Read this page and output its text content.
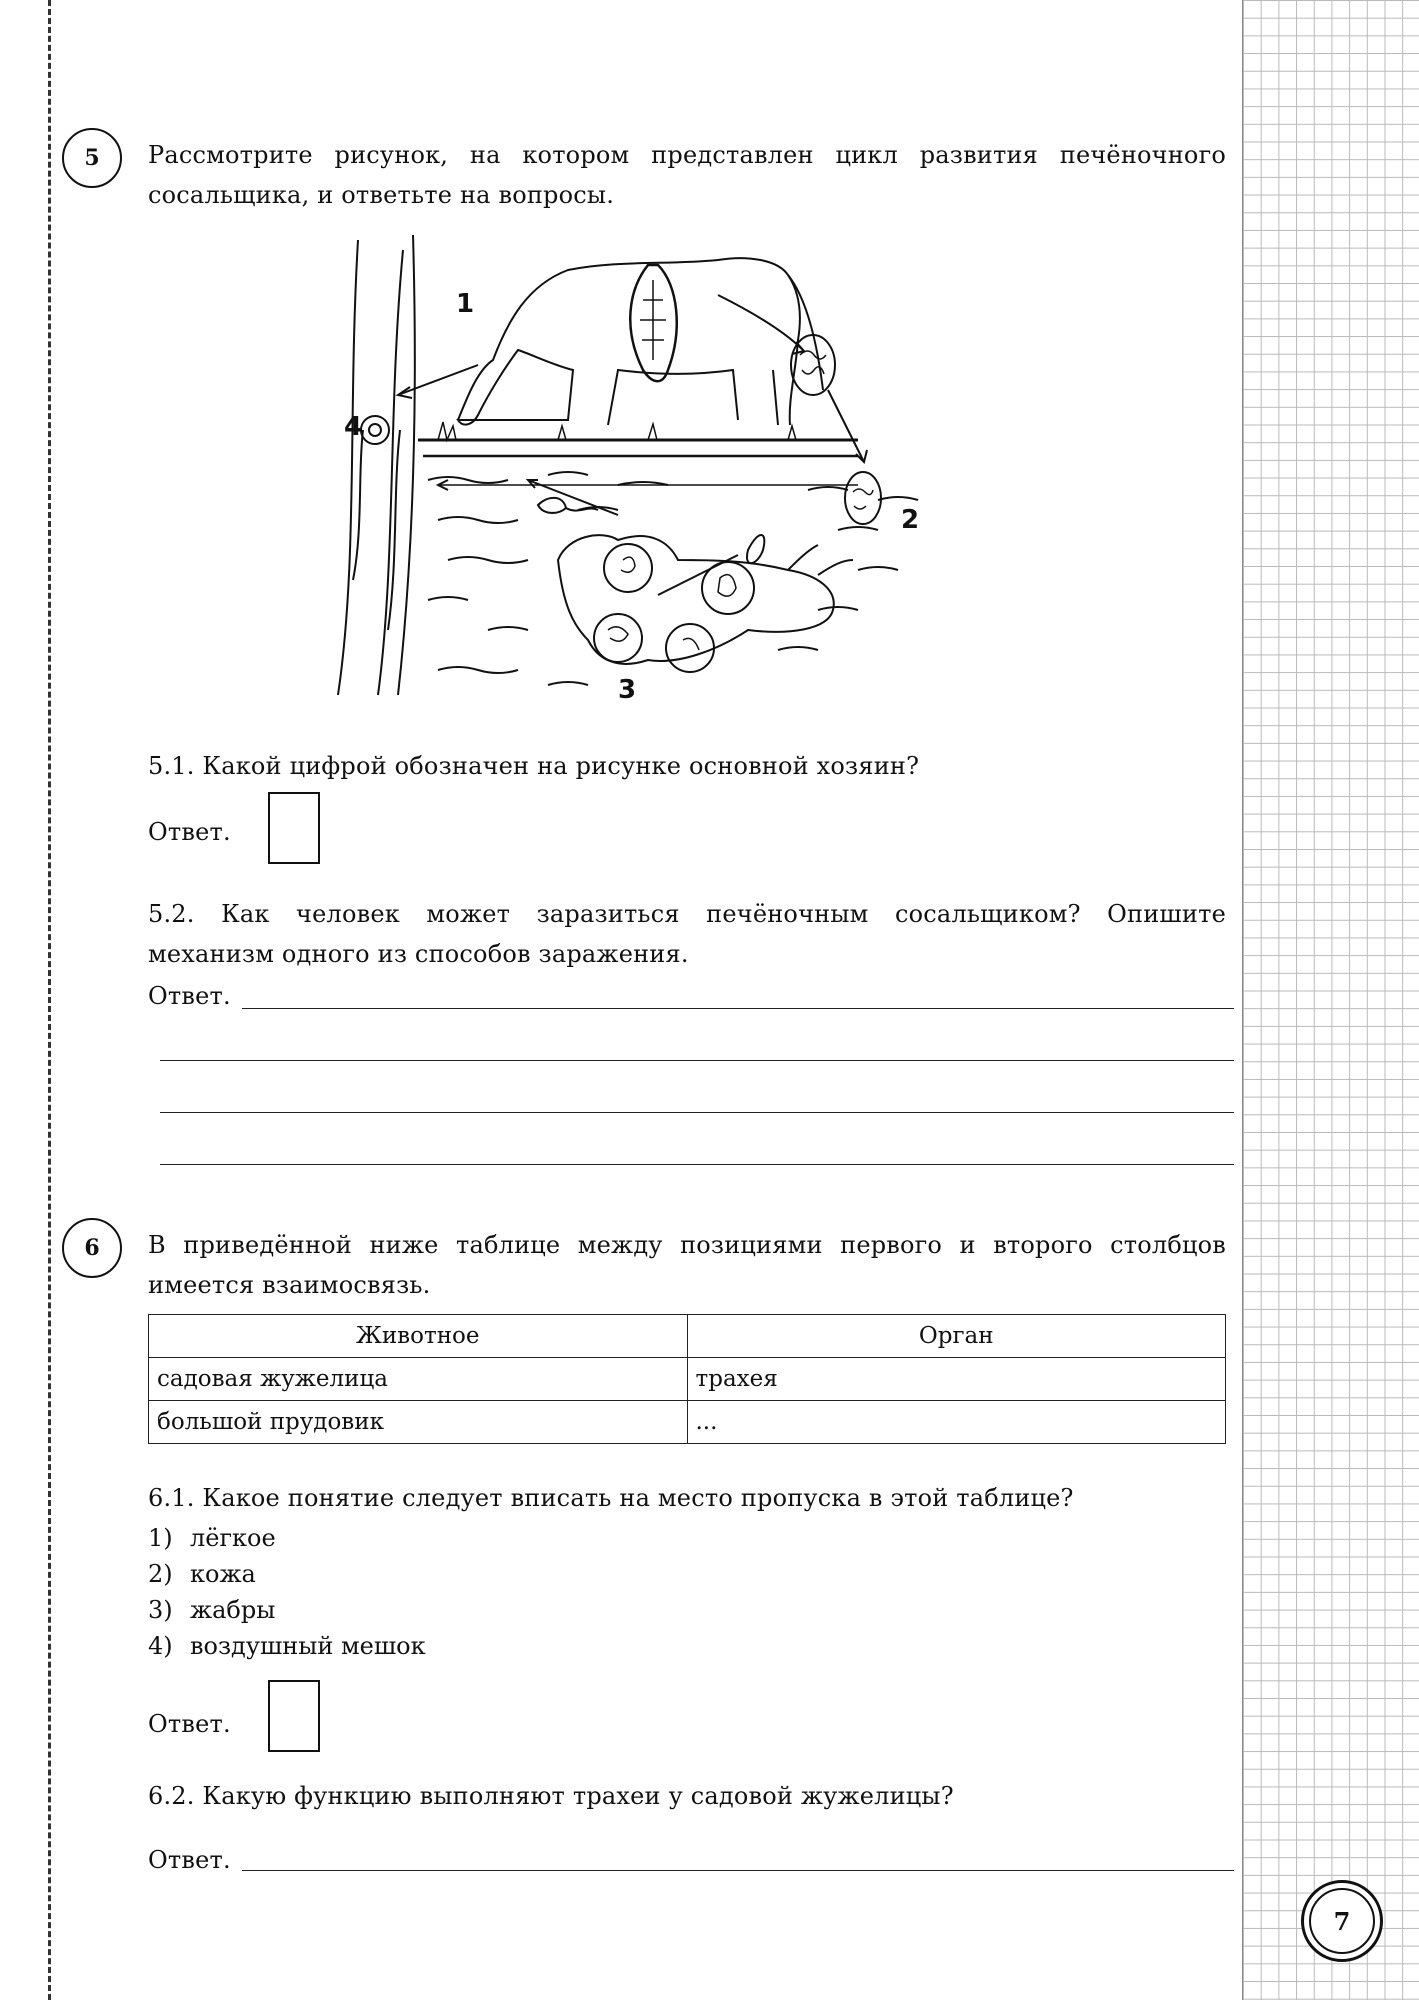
5	Рассмотрите рисунок, на котором представлен цикл развития печёночного сосальщика, и ответьте на вопросы.
1
2
3
4
5.1. Какой цифрой обозначен на рисунке основной хозяин?
Ответ.
5.2. Как человек может заразиться печёночным сосальщиком? Опишите механизм одного из способов заражения.
Ответ.
6	В приведённой ниже таблице между позициями первого и второго столбцов имеется взаимосвязь.
Животное	Орган
садовая жужелица	трахея
большой прудовик	...
6.1. Какое понятие следует вписать на место пропуска в этой таблице?
1) лёгкое
2) кожа
3) жабры
4) воздушный мешок
Ответ.
6.2. Какую функцию выполняют трахеи у садовой жужелицы?
Ответ.
7
